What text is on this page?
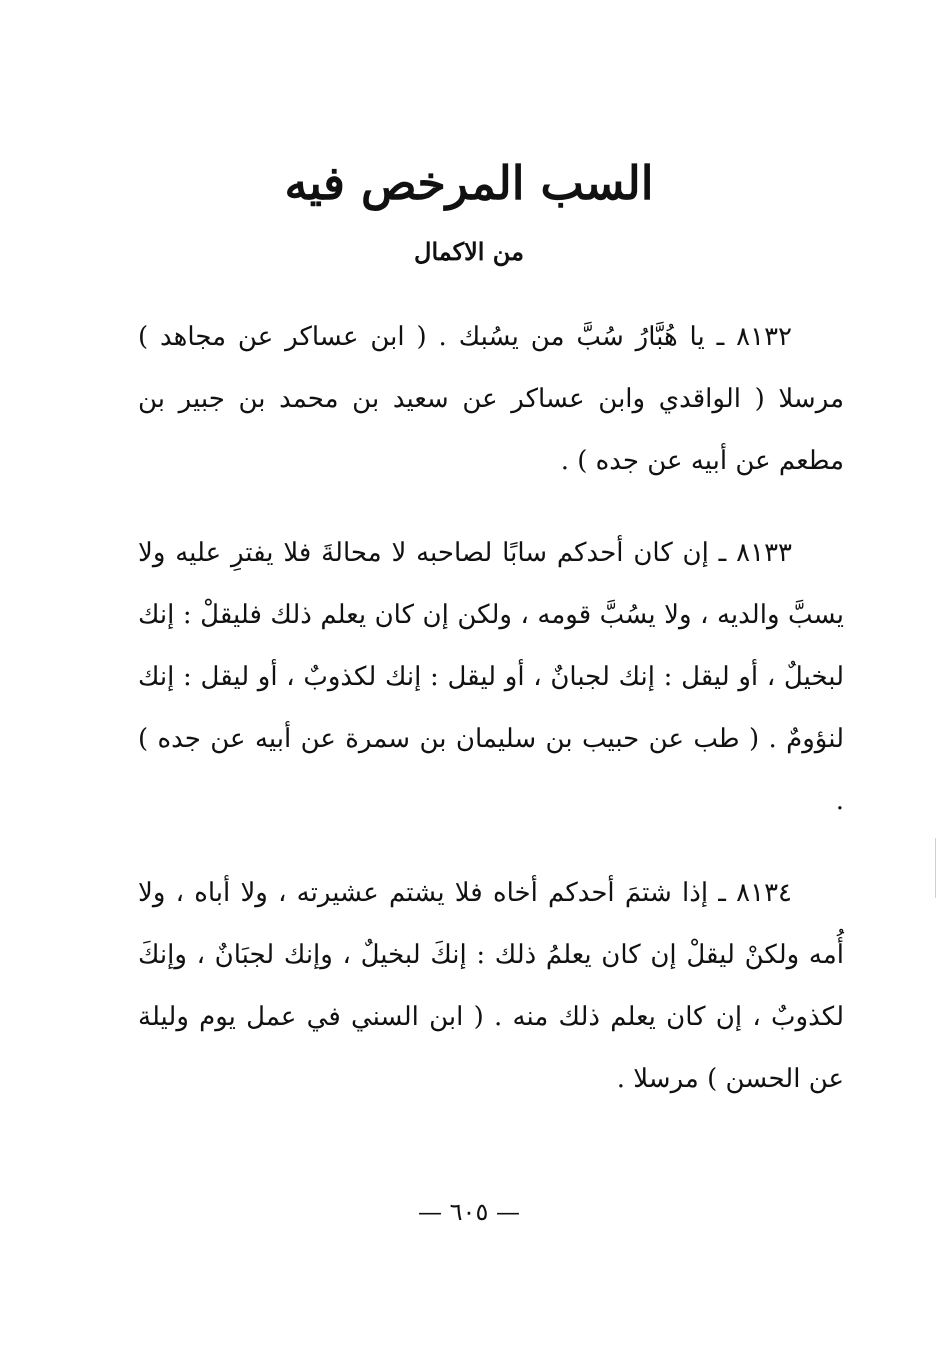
السب المرخص فيه
من الاكمال

٨١٣٢ ـ يا هُبَّارُ سُبَّ من يسُبك . ( ابن عساكر عن مجاهد ) مرسلا ( الواقدي وابن عساكر عن سعيد بن محمد بن جبير بن مطعم عن أبيه عن جده ) .

٨١٣٣ ـ إن كان أحدكم سابًا لصاحبه لا محالةَ فلا يفترِ عليه ولا يسبَّ والديه ، ولا يسُبَّ قومه ، ولكن إن كان يعلم ذلك فليقلْ : إنك لبخيلٌ ، أو ليقل : إنك لجبانٌ ، أو ليقل : إنك لكذوبٌ ، أو ليقل : إنك لنؤومٌ . ( طب عن حبيب بن سليمان بن سمرة عن أبيه عن جده ) .

٨١٣٤ ـ إذا شتمَ أحدكم أخاه فلا يشتم عشيرته ، ولا أباه ، ولا أُمه ولكنْ ليقلْ إن كان يعلمُ ذلك : إنكَ لبخيلٌ ، وإنك لجبَانٌ ، وإنكَ لكذوبٌ ، إن كان يعلم ذلك منه . ( ابن السني في عمل يوم وليلة عن الحسن ) مرسلا .

— ٦٠٥ —
